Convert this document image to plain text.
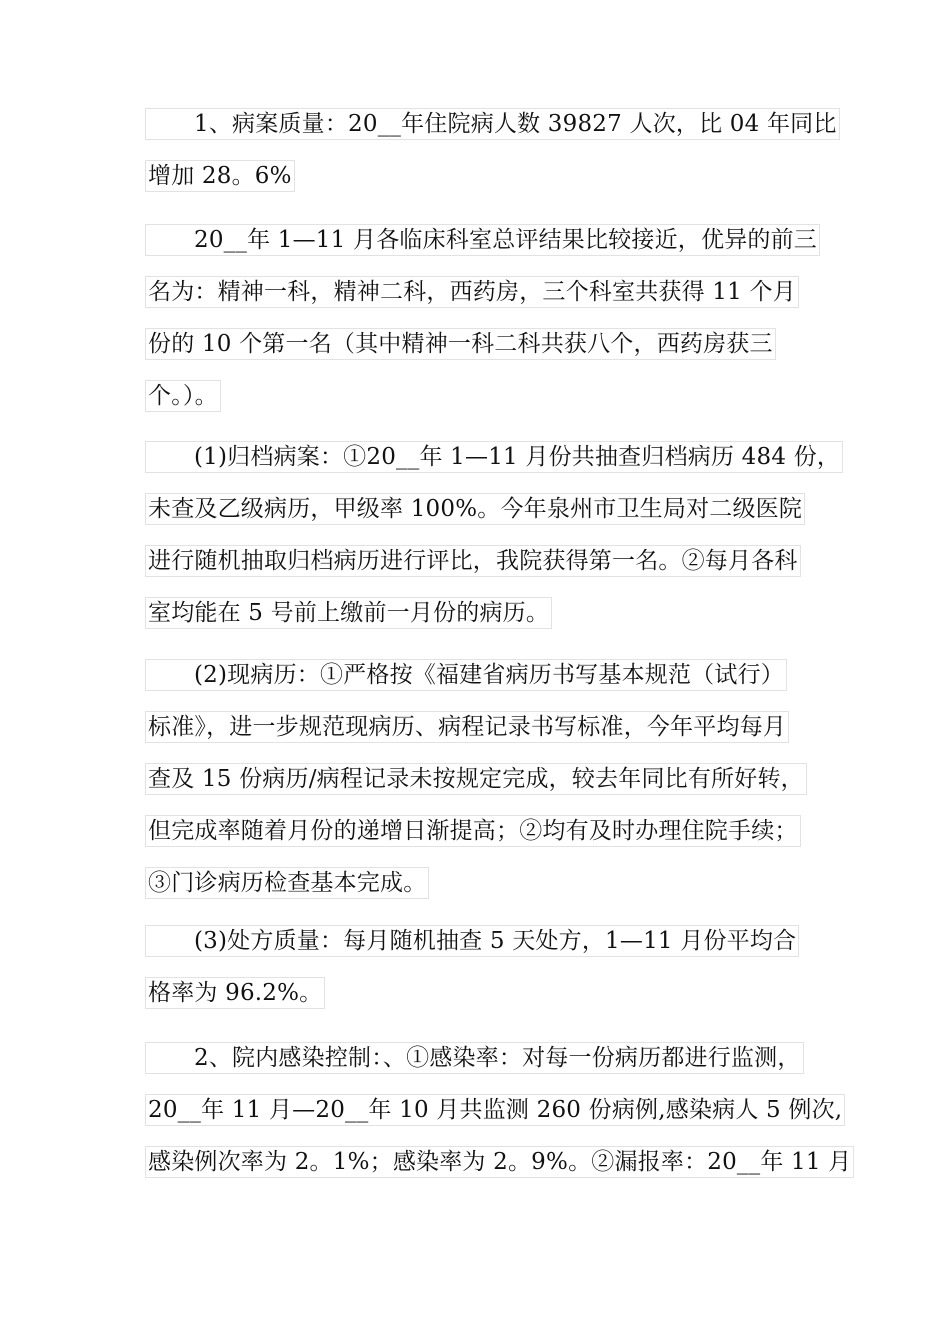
1、病案质量：20__年住院病人数 39827 人次，比 04 年同比
增加 28。6%
20__年 1—11 月各临床科室总评结果比较接近，优异的前三
名为：精神一科，精神二科，西药房，三个科室共获得 11 个月
份的 10 个第一名（其中精神一科二科共获八个，西药房获三
个。）。
(1)归档病案：①20__年 1—11 月份共抽查归档病历 484 份，
未查及乙级病历，甲级率 100%。今年泉州市卫生局对二级医院
进行随机抽取归档病历进行评比，我院获得第一名。②每月各科
室均能在 5 号前上缴前一月份的病历。
(2)现病历：①严格按《福建省病历书写基本规范（试行）
标准》，进一步规范现病历、病程记录书写标准，今年平均每月
查及 15 份病历/病程记录未按规定完成，较去年同比有所好转，
但完成率随着月份的递增日渐提高；②均有及时办理住院手续；
③门诊病历检查基本完成。
(3)处方质量：每月随机抽查 5 天处方，1—11 月份平均合
格率为 96.2%。
2、院内感染控制：、①感染率：对每一份病历都进行监测，
20__年 11 月—20__年 10 月共监测 260 份病例,感染病人 5 例次,
感染例次率为 2。1%；感染率为 2。9%。②漏报率：20__年 11 月
